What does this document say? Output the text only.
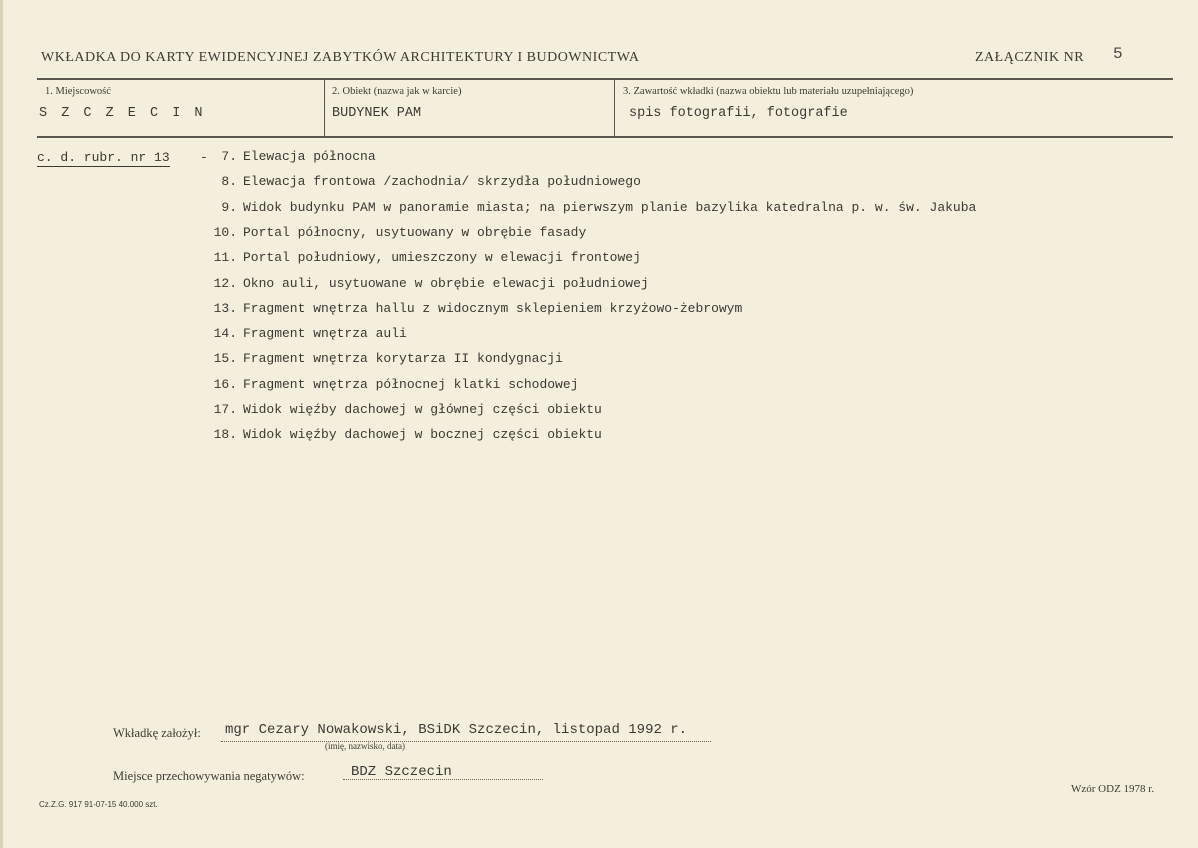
WKŁADKA DO KARTY EWIDENCYJNEJ ZABYTKÓW ARCHITEKTURY I BUDOWNICTWA	ZAŁĄCZNIK NR 5
1. Miejscowość
S Z C Z E C I N
2. Obiekt (nazwa jak w karcie)
BUDYNEK PAM
3. Zawartość wkładki (nazwa obiektu lub materiału uzupełniającego)
spis fotografii, fotografie
c. d. rubr. nr 13 -	7. Elewacja północna
8. Elewacja frontowa /zachodnia/ skrzydła południowego
9. Widok budynku PAM w panoramie miasta; na pierwszym planie bazylika katedralna p. w. św. Jakuba
10. Portal północny, usytuowany w obrębie fasady
11. Portal południowy, umieszczony w elewacji frontowej
12. Okno auli, usytuowane w obrębie elewacji południowej
13. Fragment wnętrza hallu z widocznym sklepieniem krzyżowo-żebrowym
14. Fragment wnętrza auli
15. Fragment wnętrza korytarza II kondygnacji
16. Fragment wnętrza północnej klatki schodowej
17. Widok więźby dachowej w głównej części obiektu
18. Widok więźby dachowej w bocznej części obiektu
Wkładkę założył: mgr Cezary Nowakowski, BSiDK Szczecin, listopad 1992 r.
(imię, nazwisko, data)
Miejsce przechowywania negatywów:	BDZ Szczecin
Cz.Z.G. 917 91-07-15 40.000 szt.
Wzór ODZ 1978 r.
